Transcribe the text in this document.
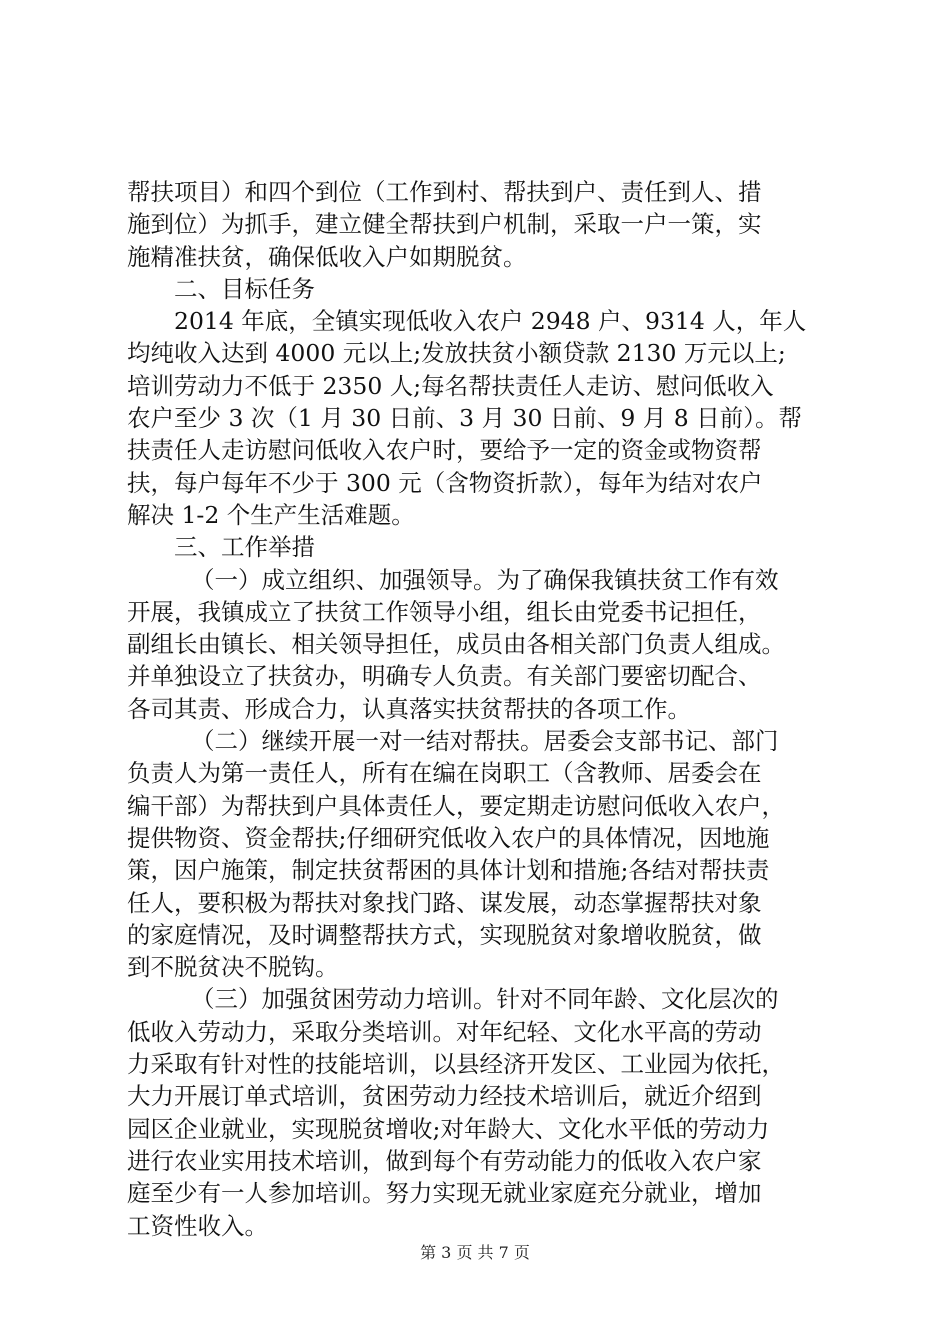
帮扶项目）和四个到位（工作到村、帮扶到户、责任到人、措
施到位）为抓手，建立健全帮扶到户机制，采取一户一策，实
施精准扶贫，确保低收入户如期脱贫。
二、目标任务
2014 年底，全镇实现低收入农户 2948 户、9314 人，年人
均纯收入达到 4000 元以上;发放扶贫小额贷款 2130 万元以上;
培训劳动力不低于 2350 人;每名帮扶责任人走访、慰问低收入
农户至少 3 次（1 月 30 日前、3 月 30 日前、9 月 8 日前）。帮
扶责任人走访慰问低收入农户时，要给予一定的资金或物资帮
扶，每户每年不少于 300 元（含物资折款），每年为结对农户
解决 1-2 个生产生活难题。
三、工作举措
（一）成立组织、加强领导。为了确保我镇扶贫工作有效
开展，我镇成立了扶贫工作领导小组，组长由党委书记担任，
副组长由镇长、相关领导担任，成员由各相关部门负责人组成。
并单独设立了扶贫办，明确专人负责。有关部门要密切配合、
各司其责、形成合力，认真落实扶贫帮扶的各项工作。
（二）继续开展一对一结对帮扶。居委会支部书记、部门
负责人为第一责任人，所有在编在岗职工（含教师、居委会在
编干部）为帮扶到户具体责任人，要定期走访慰问低收入农户，
提供物资、资金帮扶;仔细研究低收入农户的具体情况，因地施
策，因户施策，制定扶贫帮困的具体计划和措施;各结对帮扶责
任人，要积极为帮扶对象找门路、谋发展，动态掌握帮扶对象
的家庭情况，及时调整帮扶方式，实现脱贫对象增收脱贫，做
到不脱贫决不脱钩。
（三）加强贫困劳动力培训。针对不同年龄、文化层次的
低收入劳动力，采取分类培训。对年纪轻、文化水平高的劳动
力采取有针对性的技能培训，以县经济开发区、工业园为依托，
大力开展订单式培训，贫困劳动力经技术培训后，就近介绍到
园区企业就业，实现脱贫增收;对年龄大、文化水平低的劳动力
进行农业实用技术培训，做到每个有劳动能力的低收入农户家
庭至少有一人参加培训。努力实现无就业家庭充分就业，增加
工资性收入。
第 3 页 共 7 页
